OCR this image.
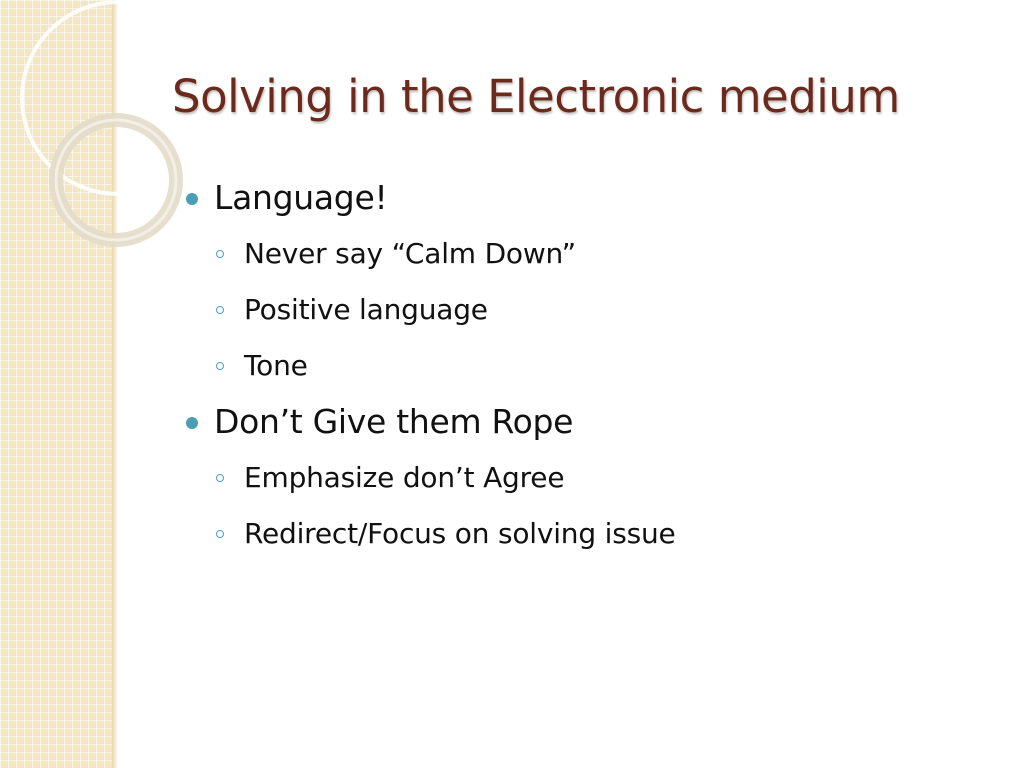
Solving in the Electronic medium
Language!
Never say “Calm Down”
Positive language
Tone
Don’t Give them Rope
Emphasize don’t Agree
Redirect/Focus on solving issue
